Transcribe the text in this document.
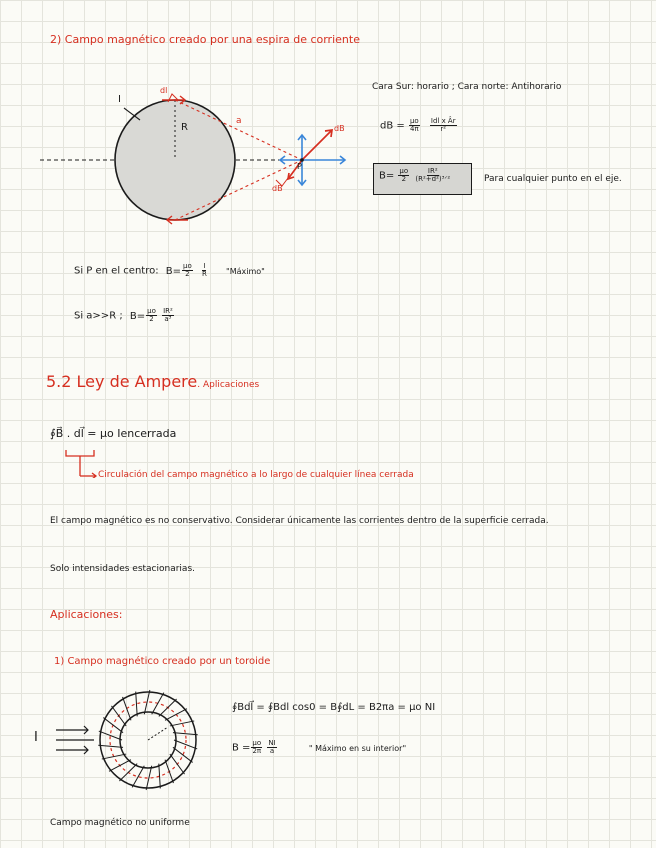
2) Campo magnético creado por una espira de corriente
I
R
a
dl
dB
dB
P
Cara Sur: horario ; Cara norte: Antihorario
dB = $\frac{\mu o}{4\pi}$
$\frac{\text{Idl x Âr}}{\text{r²}}$
$B= \frac{\mu o}{2}$
$\frac{\text{IR²}}{\text{(R²+d²)³ᐟ²}}$	Para cualquier punto en el eje.
Si P en el centro: $B= \frac{\mu o}{2}$
$\frac{I}{R}$ "Máximo"
Si a>>R ; $B= \frac{\mu o}{2}$
$\frac{\text{IR²}}{\text{a³}}$
5.2 Ley de Ampere. Aplicaciones
∮B⃗ . dl⃗ = μo Iencerrada
Circulación del campo magnético a lo largo de cualquier línea cerrada
El campo magnético es no conservativo. Considerar únicamente las corrientes dentro de la superficie cerrada.
Solo intensidades estacionarias.
Aplicaciones:
1) Campo magnético creado por un toroide
I
∮Bdl⃗ = ∮Bdl cos0 = B∮dL = B2πa = μo NI
$B = \frac{\mu o}{2\pi}$
$\frac{NI}{a}$	" Máximo en su interior"
Campo magnético no uniforme
